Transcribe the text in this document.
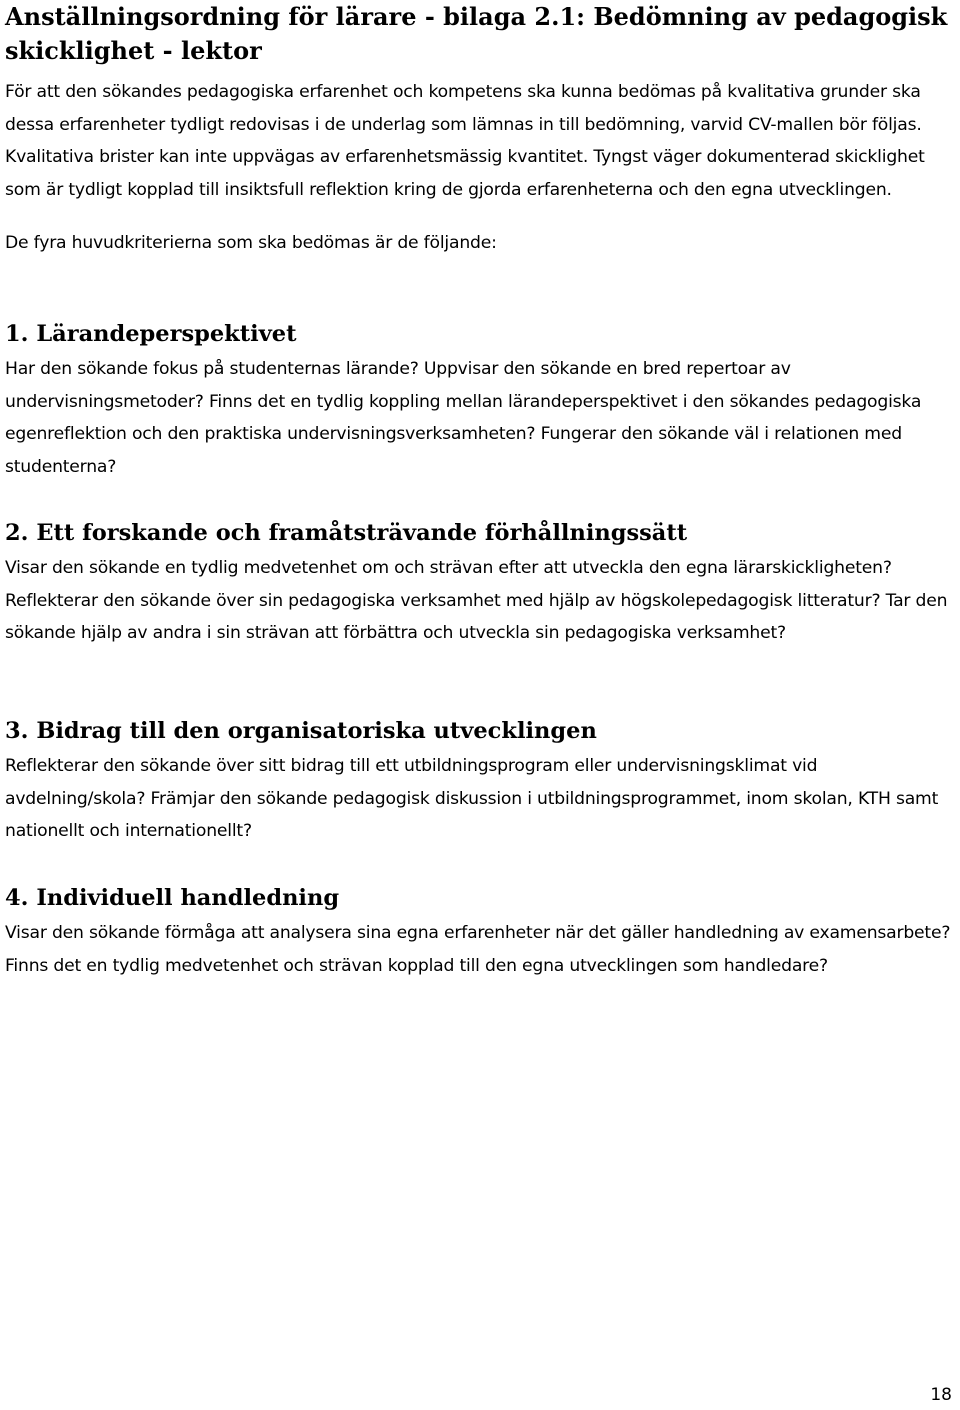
Anställningsordning för lärare - bilaga 2.1: Bedömning av pedagogisk skicklighet - lektor

För att den sökandes pedagogiska erfarenhet och kompetens ska kunna bedömas på kvalitativa grunder ska dessa erfarenheter tydligt redovisas i de underlag som lämnas in till bedömning, varvid CV-mallen bör följas. Kvalitativa brister kan inte uppvägas av erfarenhetsmässig kvantitet. Tyngst väger dokumenterad skicklighet som är tydligt kopplad till insiktsfull reflektion kring de gjorda erfarenheterna och den egna utvecklingen.

De fyra huvudkriterierna som ska bedömas är de följande:

1. Lärandeperspektivet

Har den sökande fokus på studenternas lärande? Uppvisar den sökande en bred repertoar av undervisningsmetoder? Finns det en tydlig koppling mellan lärandeperspektivet i den sökandes pedagogiska egenreflektion och den praktiska undervisningsverksamheten? Fungerar den sökande väl i relationen med studenterna?

2. Ett forskande och framåtsträvande förhållningssätt

Visar den sökande en tydlig medvetenhet om och strävan efter att utveckla den egna lärarskickligheten? Reflekterar den sökande över sin pedagogiska verksamhet med hjälp av högskolepedagogisk litteratur? Tar den sökande hjälp av andra i sin strävan att förbättra och utveckla sin pedagogiska verksamhet?

3. Bidrag till den organisatoriska utvecklingen

Reflekterar den sökande över sitt bidrag till ett utbildningsprogram eller undervisningsklimat vid avdelning/skola? Främjar den sökande pedagogisk diskussion i utbildningsprogrammet, inom skolan, KTH samt nationellt och internationellt?

4. Individuell handledning

Visar den sökande förmåga att analysera sina egna erfarenheter när det gäller handledning av examensarbete? Finns det en tydlig medvetenhet och strävan kopplad till den egna utvecklingen som handledare?

18
